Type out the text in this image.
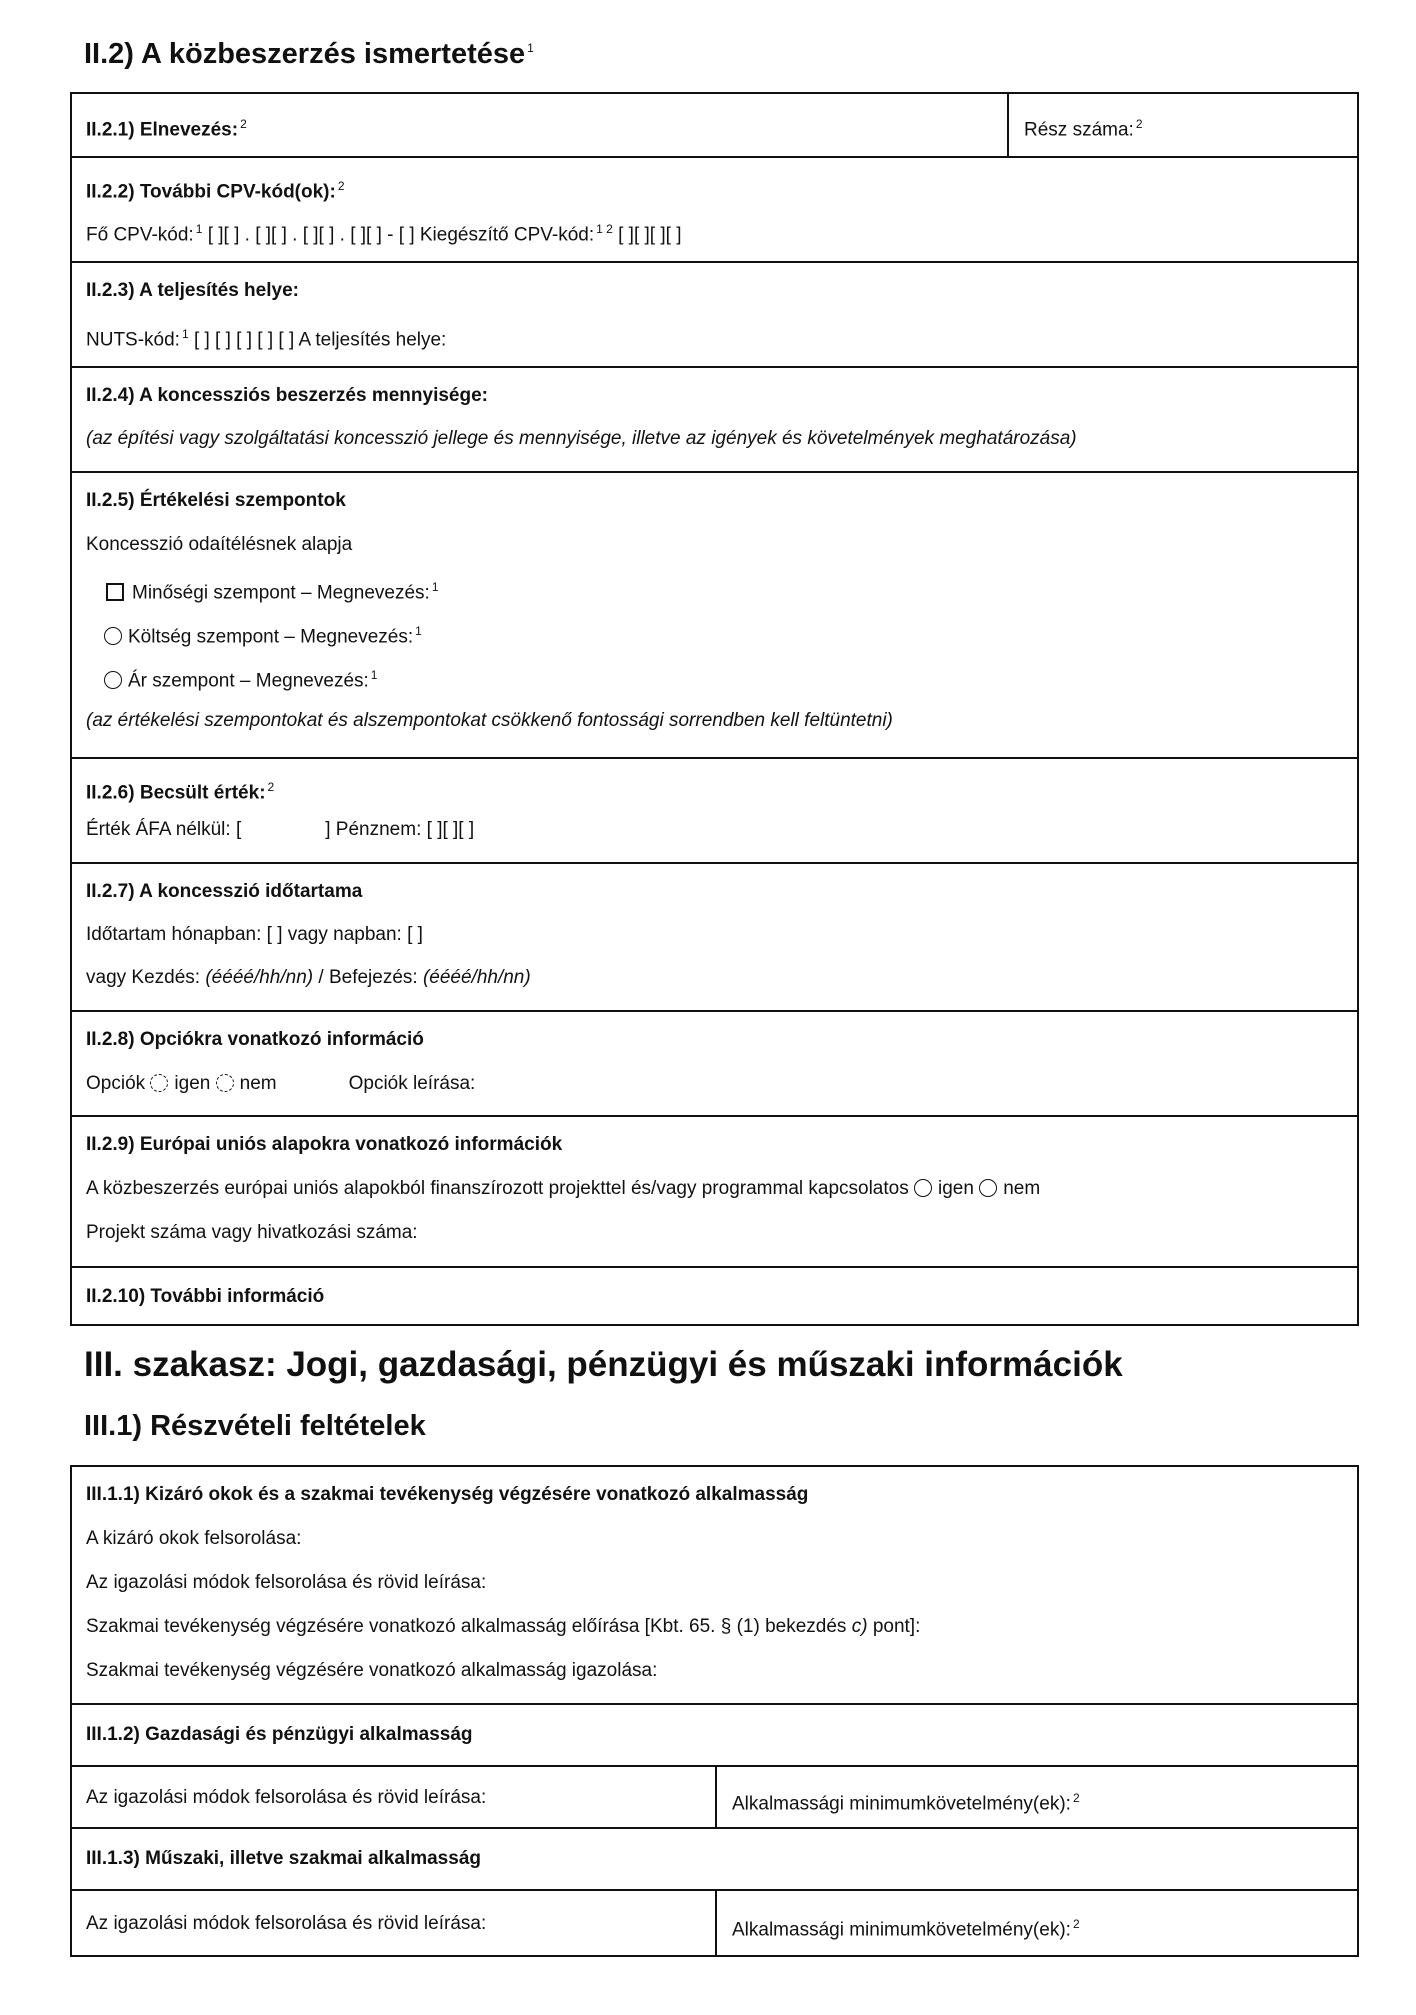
II.2) A közbeszerzés ismertetése $^1$
II.2.1) Elnevezés: $^2$	Rész száma: $^2$
II.2.2) További CPV-kód(ok): $^2$
Fő CPV-kód: $^1$ [ ][ ] . [ ][ ] . [ ][ ] . [ ][ ] - [ ] Kiegészítő CPV-kód: $^{1 2}$ [ ][ ][ ][ ]
II.2.3) A teljesítés helye:
NUTS-kód: $^1$ [ ] [ ] [ ] [ ] [ ] A teljesítés helye:
II.2.4) A koncessziós beszerzés mennyisége:
(az építési vagy szolgáltatási koncesszió jellege és mennyisége, illetve az igények és követelmények meghatározása)
II.2.5) Értékelési szempontok
Koncesszió odaítélésnek alapja
Minőségi szempont – Megnevezés: $^1$
Költség szempont – Megnevezés: $^1$
Ár szempont – Megnevezés: $^1$
(az értékelési szempontokat és alszempontokat csökkenő fontossági sorrendben kell feltüntetni)
II.2.6) Becsült érték: $^2$
Érték ÁFA nélkül: [	] Pénznem: [ ][ ][ ]
II.2.7) A koncesszió időtartama
Időtartam hónapban: [ ] vagy napban: [ ]
vagy Kezdés: (éééé/hh/nn) / Befejezés: (éééé/hh/nn)
II.2.8) Opciókra vonatkozó információ
Opciók igen nem	Opciók leírása:
II.2.9) Európai uniós alapokra vonatkozó információk
A közbeszerzés európai uniós alapokból finanszírozott projekttel és/vagy programmal kapcsolatos igen nem
Projekt száma vagy hivatkozási száma:
II.2.10) További információ
III. szakasz: Jogi, gazdasági, pénzügyi és műszaki információk
III.1) Részvételi feltételek
III.1.1) Kizáró okok és a szakmai tevékenység végzésére vonatkozó alkalmasság
A kizáró okok felsorolása:
Az igazolási módok felsorolása és rövid leírása:
Szakmai tevékenység végzésére vonatkozó alkalmasság előírása [Kbt. 65. § (1) bekezdés c) pont]:
Szakmai tevékenység végzésére vonatkozó alkalmasság igazolása:
III.1.2) Gazdasági és pénzügyi alkalmasság
Az igazolási módok felsorolása és rövid leírása:	Alkalmassági minimumkövetelmény(ek): $^2$
III.1.3) Műszaki, illetve szakmai alkalmasság
Az igazolási módok felsorolása és rövid leírása:	Alkalmassági minimumkövetelmény(ek): $^2$
